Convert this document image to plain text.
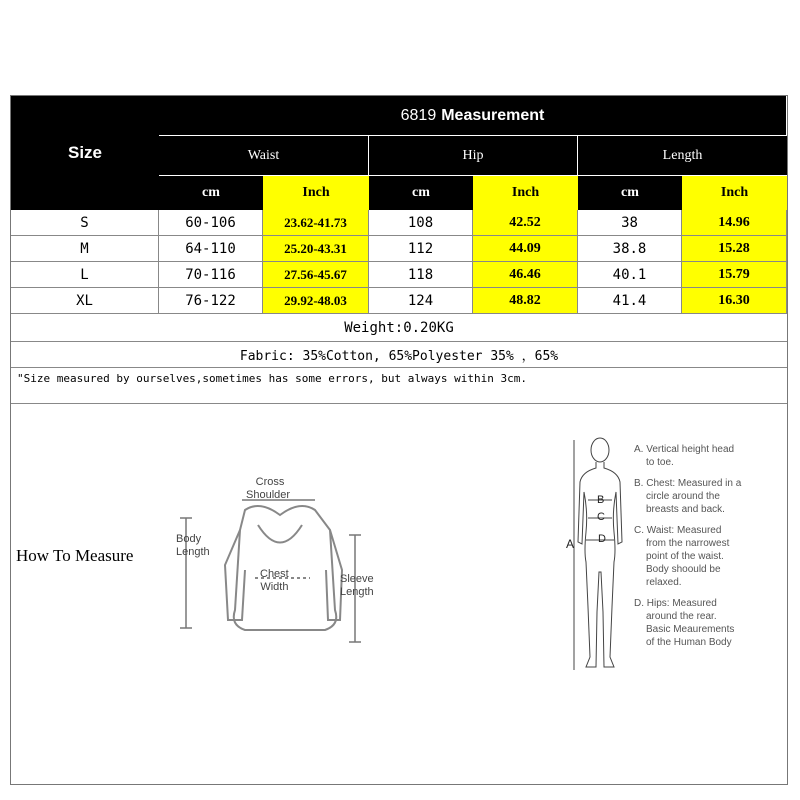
Size
6819 Measurement
Waist	Hip	Length
cm	Inch	cm	Inch	cm	Inch
S	60-106	23.62-41.73	108	42.52	38	14.96
M	64-110	25.20-43.31	112	44.09	38.8	15.28
L	70-116	27.56-45.67	118	46.46	40.1	15.79
XL	76-122	29.92-48.03	124	48.82	41.4	16.30
Weight:0.20KG
Fabric: 35%Cotton, 65%Polyester 35% ，65%
"Size measured by ourselves,sometimes has some errors, but always within 3cm.
How To Measure
Cross
Shoulder
Body
Length
Chest
Width
Sleeve
Length
A
B
C
D
A. Vertical height head
to toe.
B. Chest: Measured in a
circle around the
breasts and back.
C. Waist: Measured
from the narrowest
point of the waist.
Body shoould be
relaxed.
D. Hips: Measured
around the rear.
Basic Meaurements
of the Human Body
